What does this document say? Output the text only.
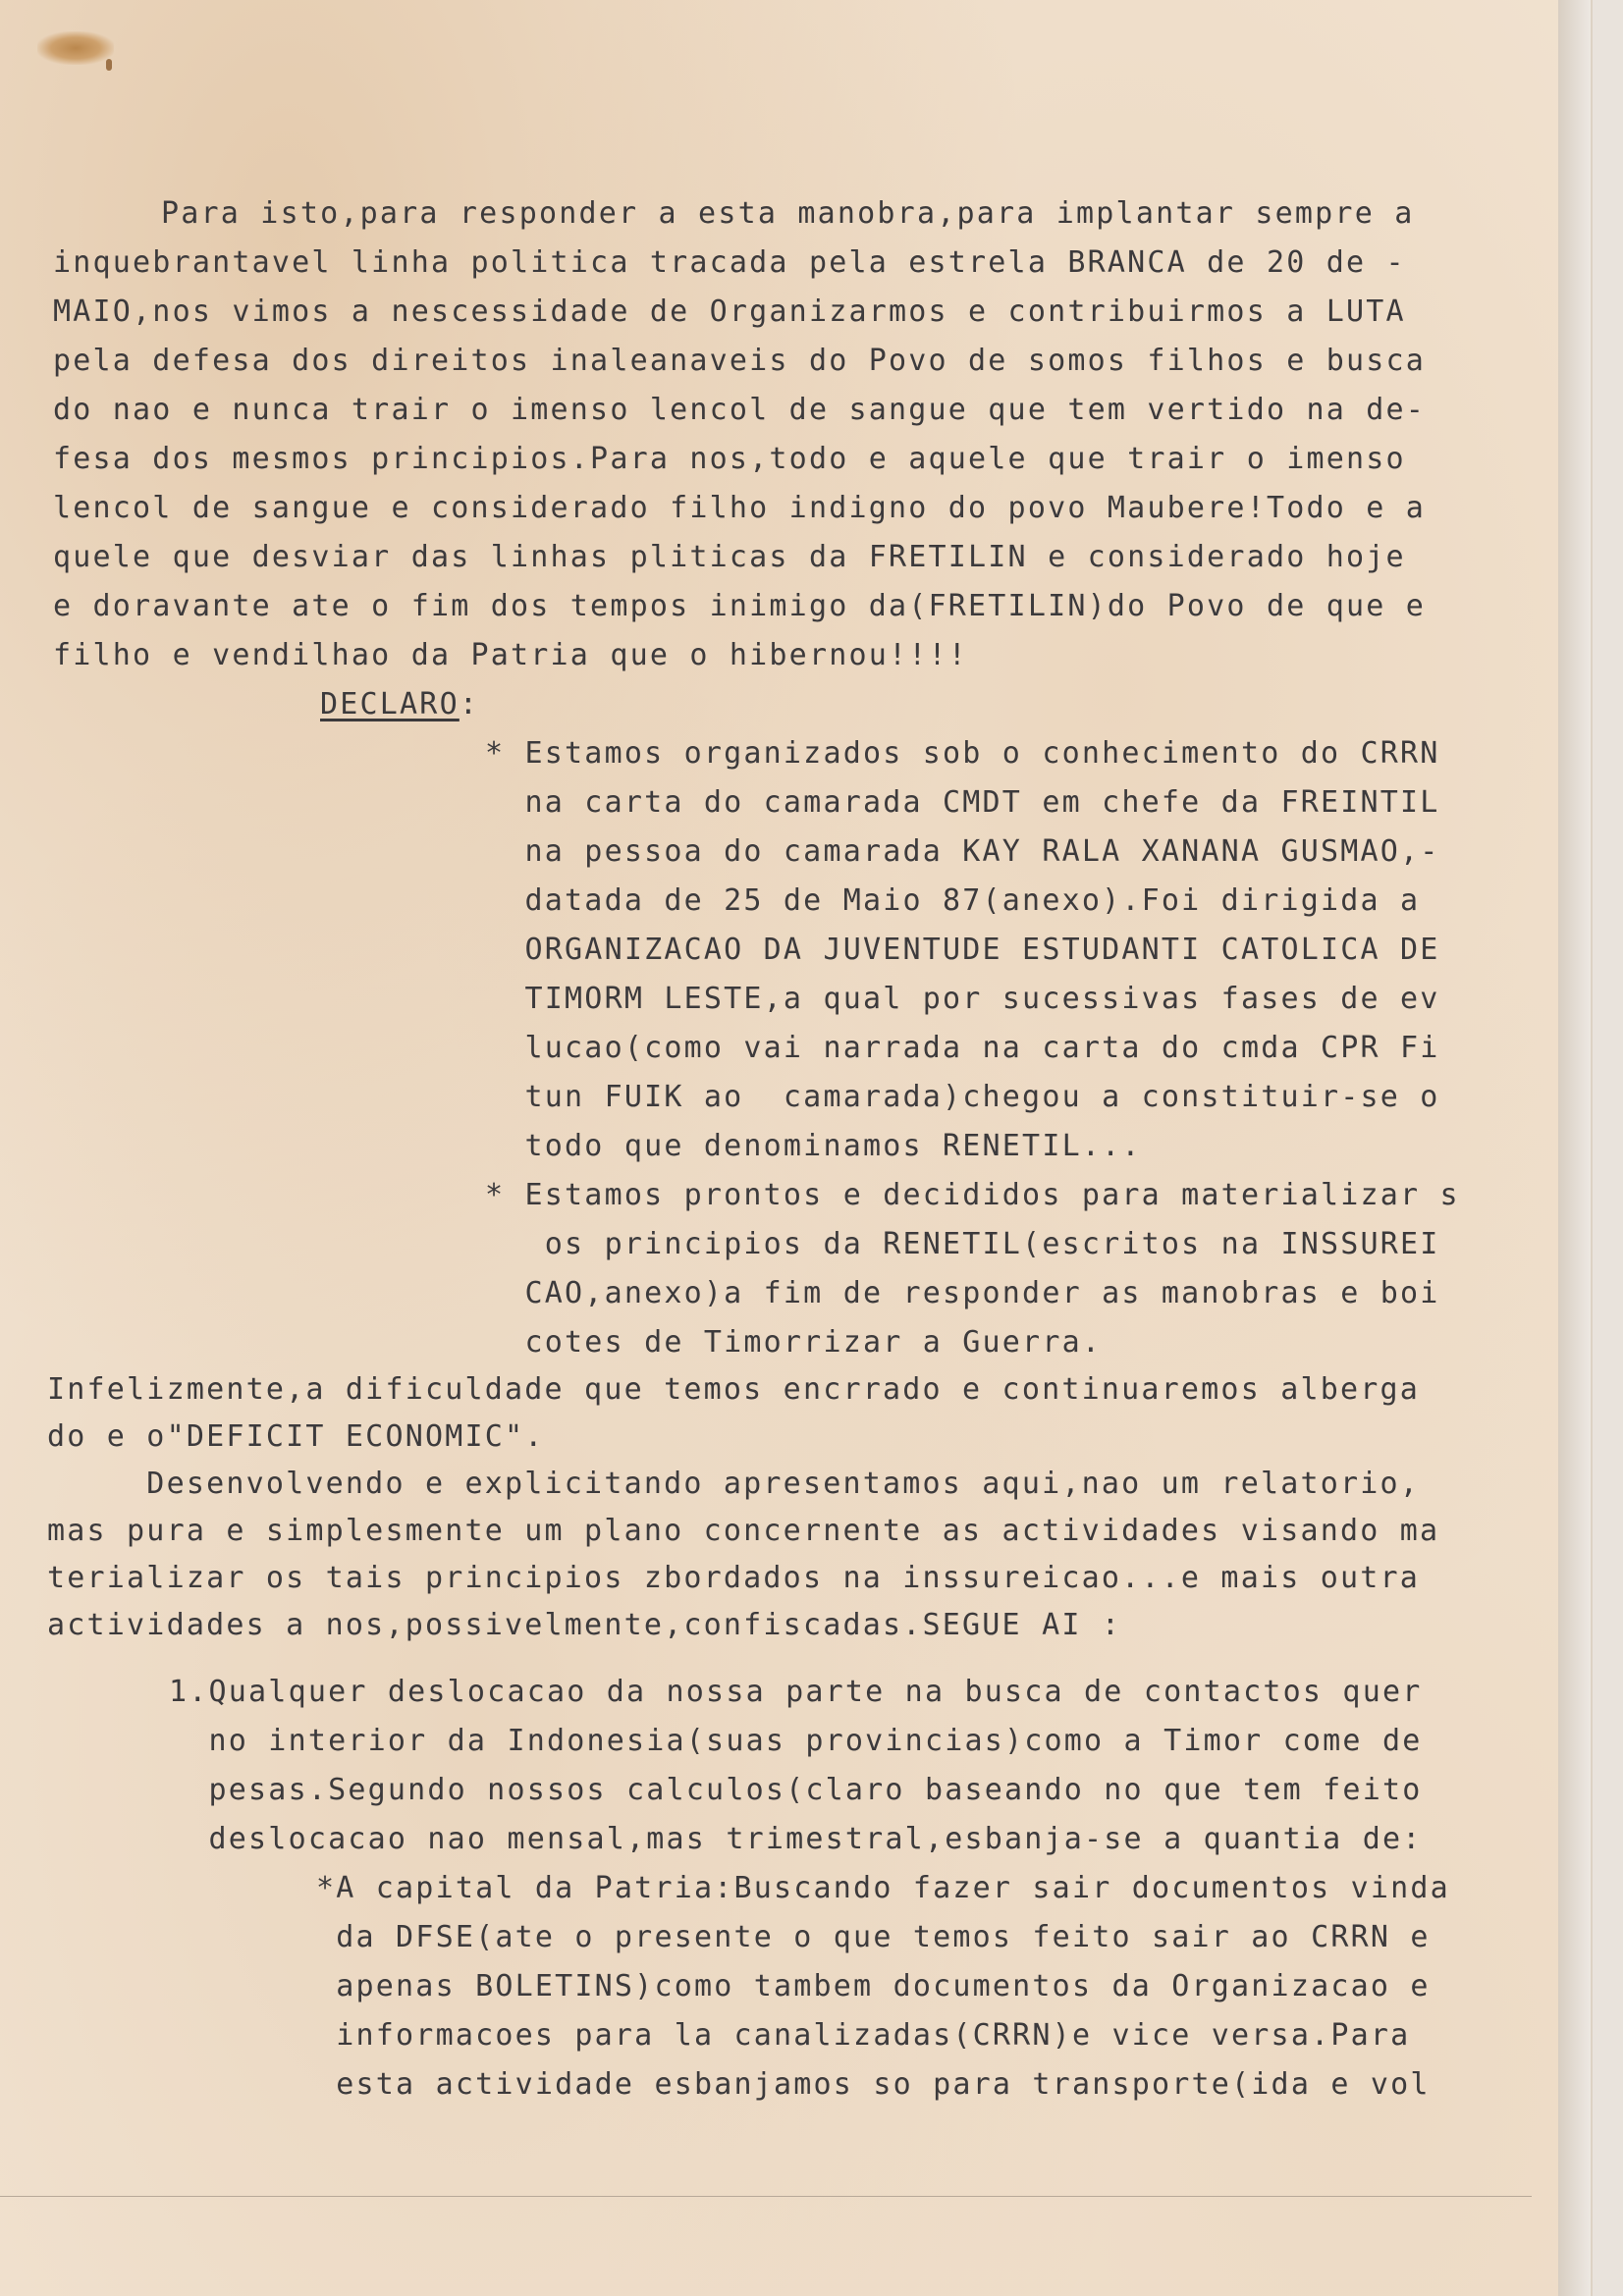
Para isto,para responder a esta manobra,para implantar sempre a
inquebrantavel linha politica tracada pela estrela BRANCA de 20 de -
MAIO,nos vimos a nescessidade de Organizarmos e contribuirmos a LUTA
pela defesa dos direitos inaleanaveis do Povo de somos filhos e busca
do nao e nunca trair o imenso lencol de sangue que tem vertido na de-
fesa dos mesmos principios.Para nos,todo e aquele que trair o imenso
lencol de sangue e considerado filho indigno do povo Maubere!Todo e a
quele que desviar das linhas pliticas da FRETILIN e considerado hoje
e doravante ate o fim dos tempos inimigo da(FRETILIN)do Povo de que e
filho e vendilhao da Patria que o hibernou!!!!
DECLARO:
* Estamos organizados sob o conhecimento do CRRN
na carta do camarada CMDT em chefe da FREINTIL
na pessoa do camarada KAY RALA XANANA GUSMAO,-
datada de 25 de Maio 87(anexo).Foi dirigida a
ORGANIZACAO DA JUVENTUDE ESTUDANTI CATOLICA DE
TIMORM LESTE,a qual por sucessivas fases de ev
lucao(como vai narrada na carta do cmda CPR Fi
tun FUIK ao  camarada)chegou a constituir-se o
todo que denominamos RENETIL...
* Estamos prontos e decididos para materializar s
os principios da RENETIL(escritos na INSSUREI
CAO,anexo)a fim de responder as manobras e boi
cotes de Timorrizar a Guerra.
Infelizmente,a dificuldade que temos encrrado e continuaremos alberga
do e o"DEFICIT ECONOMIC".
Desenvolvendo e explicitando apresentamos aqui,nao um relatorio,
mas pura e simplesmente um plano concernente as actividades visando ma
terializar os tais principios zbordados na inssureicao...e mais outra
actividades a nos,possivelmente,confiscadas.SEGUE AI :
1.Qualquer deslocacao da nossa parte na busca de contactos quer
no interior da Indonesia(suas provincias)como a Timor come de
pesas.Segundo nossos calculos(claro baseando no que tem feito
deslocacao nao mensal,mas trimestral,esbanja-se a quantia de:
*A capital da Patria:Buscando fazer sair documentos vinda
da DFSE(ate o presente o que temos feito sair ao CRRN e
apenas BOLETINS)como tambem documentos da Organizacao e
informacoes para la canalizadas(CRRN)e vice versa.Para
esta actividade esbanjamos so para transporte(ida e vol
